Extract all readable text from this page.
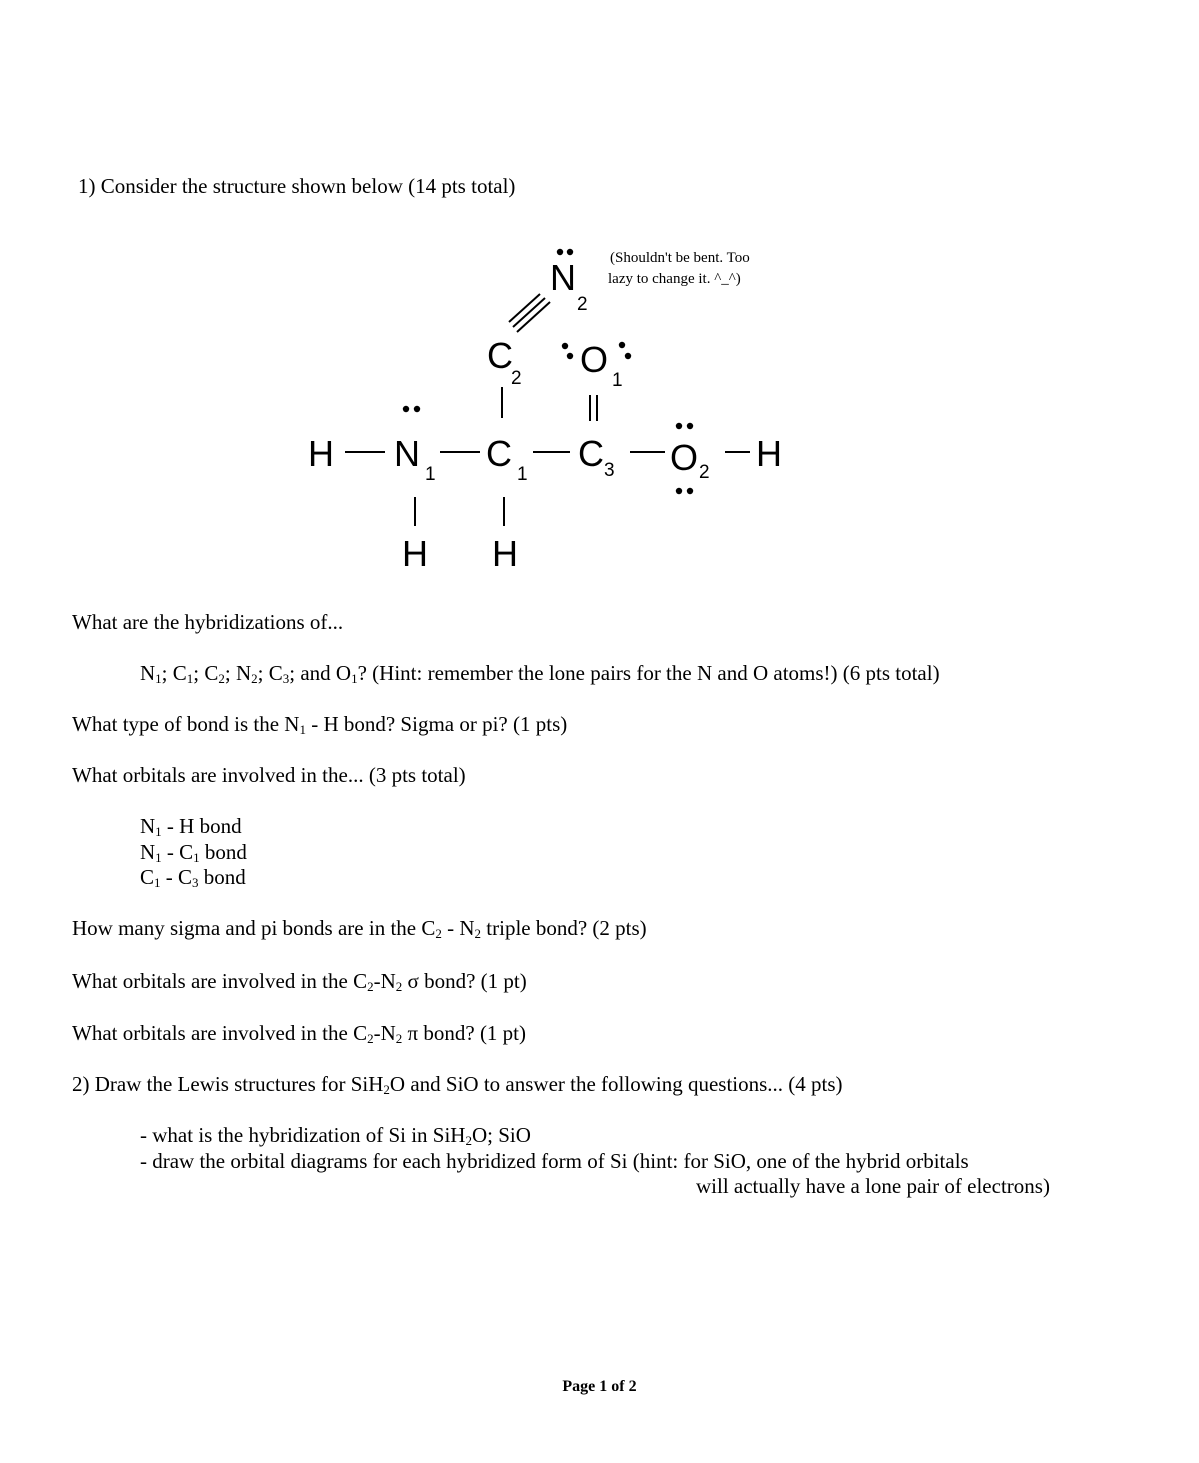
1) Consider the structure shown below (14 pts total)
N
2
C
2 O
1
H N
1
C
1
C 3 O 2 H
H H
(Shouldn't be bent. Too
lazy to change it. ^_^)
What are the hybridizations of...
$N_1$; $C_1$; $C_2$; $N_2$; $C_3$; and $O_1$? (Hint: remember the lone pairs for the N and O atoms!) (6 pts total)
What type of bond is the $N_1$ - H bond? Sigma or pi? (1 pts)
What orbitals are involved in the... (3 pts total)
$N_1$ - H bond
$N_1 - C_1$ bond
$C_1 - C_3$ bond
How many sigma and pi bonds are in the $C_2 - N_2$ triple bond? (2 pts)
What orbitals are involved in the $C_2-N_2$ σ bond? (1 pt)
What orbitals are involved in the $C_2-N_2$ π bond? (1 pt)
2) Draw the Lewis structures for SiH$_2$O and SiO to answer the following questions... (4 pts)
- what is the hybridization of Si in SiH$_2$O; SiO
- draw the orbital diagrams for each hybridized form of Si (hint: for SiO, one of the hybrid orbitals
will actually have a lone pair of electrons)
Page 1 of 2
